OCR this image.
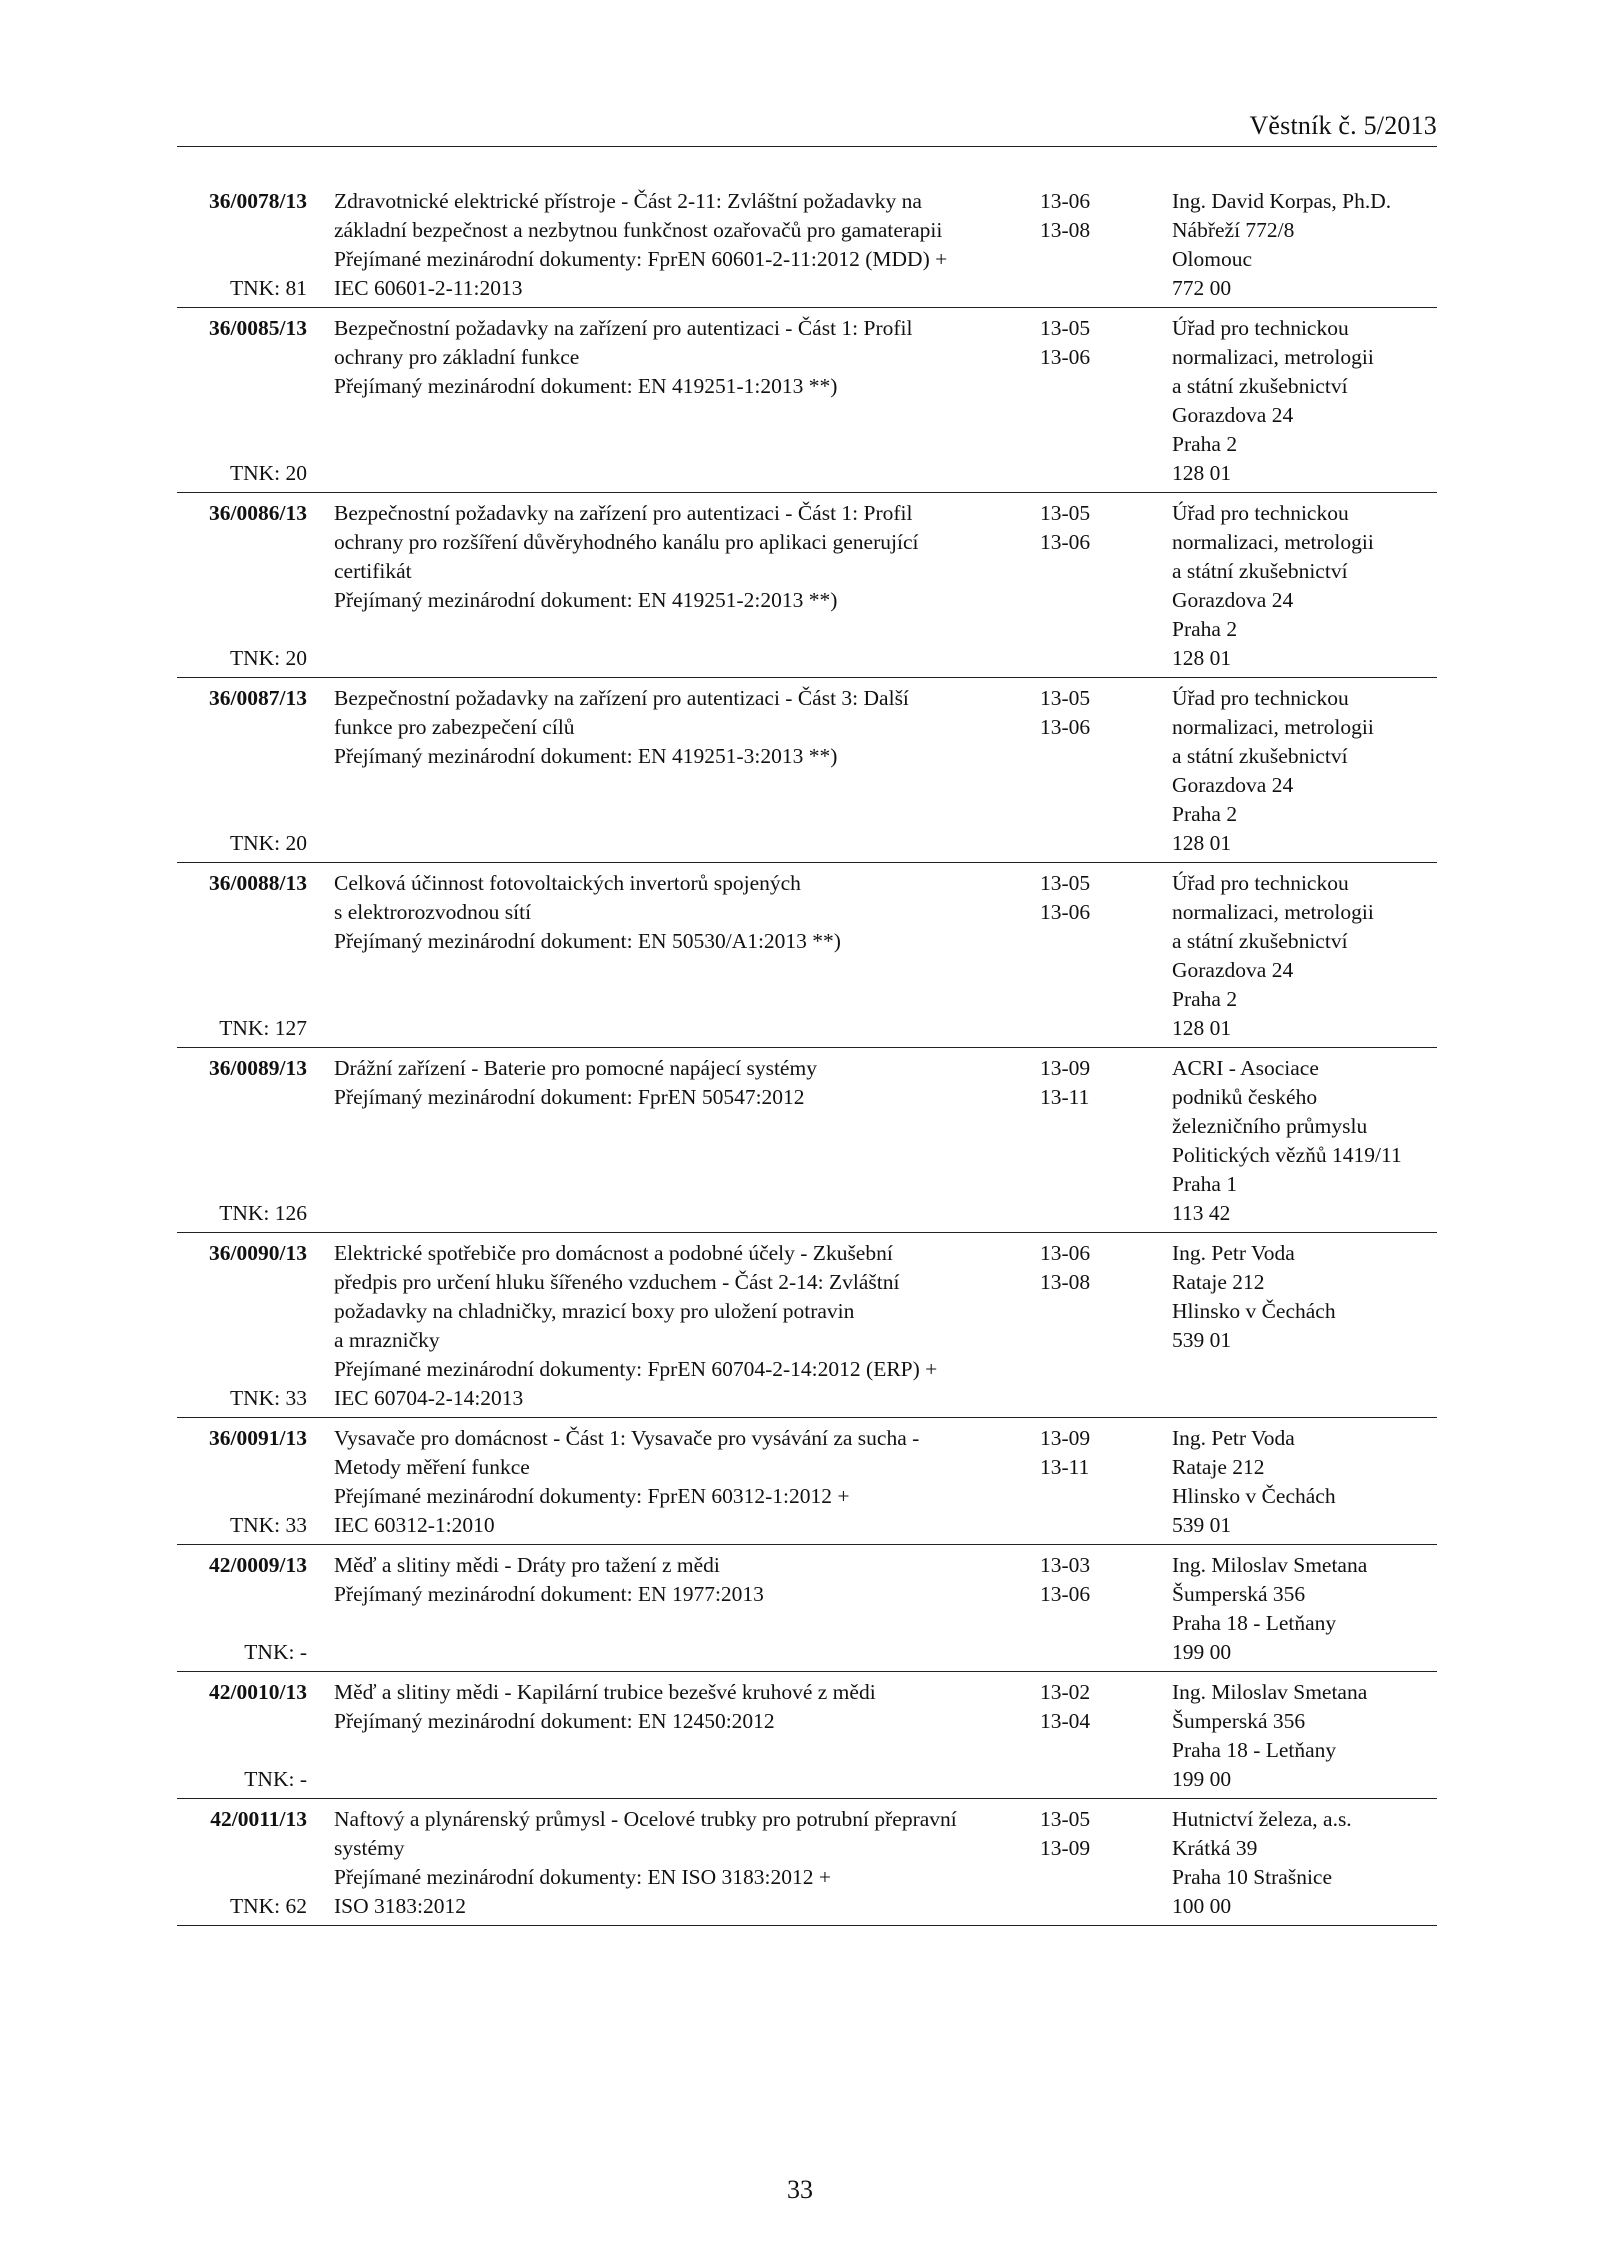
Věstník č. 5/2013
36/0078/13
TNK: 81
Zdravotnické elektrické přístroje - Část 2-11: Zvláštní požadavky na
základní bezpečnost a nezbytnou funkčnost ozařovačů pro gamaterapii
Přejímané mezinárodní dokumenty: FprEN 60601-2-11:2012 (MDD) +
IEC 60601-2-11:2013
13-06
13-08
Ing. David Korpas, Ph.D.
Nábřeží 772/8
Olomouc
772 00
36/0085/13
TNK: 20
Bezpečnostní požadavky na zařízení pro autentizaci - Část 1: Profil
ochrany pro základní funkce
Přejímaný mezinárodní dokument: EN 419251-1:2013 **)
13-05
13-06
Úřad pro technickou
normalizaci, metrologii
a státní zkušebnictví
Gorazdova 24
Praha 2
128 01
36/0086/13
TNK: 20
Bezpečnostní požadavky na zařízení pro autentizaci - Část 1: Profil
ochrany pro rozšíření důvěryhodného kanálu pro aplikaci generující
certifikát
Přejímaný mezinárodní dokument: EN 419251-2:2013 **)
13-05
13-06
Úřad pro technickou
normalizaci, metrologii
a státní zkušebnictví
Gorazdova 24
Praha 2
128 01
36/0087/13
TNK: 20
Bezpečnostní požadavky na zařízení pro autentizaci - Část 3: Další
funkce pro zabezpečení cílů
Přejímaný mezinárodní dokument: EN 419251-3:2013 **)
13-05
13-06
Úřad pro technickou
normalizaci, metrologii
a státní zkušebnictví
Gorazdova 24
Praha 2
128 01
36/0088/13
TNK: 127
Celková účinnost fotovoltaických invertorů spojených
s elektrorozvodnou sítí
Přejímaný mezinárodní dokument: EN 50530/A1:2013 **)
13-05
13-06
Úřad pro technickou
normalizaci, metrologii
a státní zkušebnictví
Gorazdova 24
Praha 2
128 01
36/0089/13
TNK: 126
Drážní zařízení - Baterie pro pomocné napájecí systémy
Přejímaný mezinárodní dokument: FprEN 50547:2012
13-09
13-11
ACRI - Asociace
podniků českého
železničního průmyslu
Politických vězňů 1419/11
Praha 1
113 42
36/0090/13
TNK: 33
Elektrické spotřebiče pro domácnost a podobné účely - Zkušební
předpis pro určení hluku šířeného vzduchem - Část 2-14: Zvláštní
požadavky na chladničky, mrazicí boxy pro uložení potravin
a mrazničky
Přejímané mezinárodní dokumenty: FprEN 60704-2-14:2012 (ERP) +
IEC 60704-2-14:2013
13-06
13-08
Ing. Petr Voda
Rataje 212
Hlinsko v Čechách
539 01
36/0091/13
TNK: 33
Vysavače pro domácnost - Část 1: Vysavače pro vysávání za sucha -
Metody měření funkce
Přejímané mezinárodní dokumenty: FprEN 60312-1:2012 +
IEC 60312-1:2010
13-09
13-11
Ing. Petr Voda
Rataje 212
Hlinsko v Čechách
539 01
42/0009/13
TNK: -
Měď a slitiny mědi - Dráty pro tažení z mědi
Přejímaný mezinárodní dokument: EN 1977:2013
13-03
13-06
Ing. Miloslav Smetana
Šumperská 356
Praha 18 - Letňany
199 00
42/0010/13
TNK: -
Měď a slitiny mědi - Kapilární trubice bezešvé kruhové z mědi
Přejímaný mezinárodní dokument: EN 12450:2012
13-02
13-04
Ing. Miloslav Smetana
Šumperská 356
Praha 18 - Letňany
199 00
42/0011/13
TNK: 62
Naftový a plynárenský průmysl - Ocelové trubky pro potrubní přepravní
systémy
Přejímané mezinárodní dokumenty: EN ISO 3183:2012 +
ISO 3183:2012
13-05
13-09
Hutnictví železa, a.s.
Krátká 39
Praha 10 Strašnice
100 00
33
